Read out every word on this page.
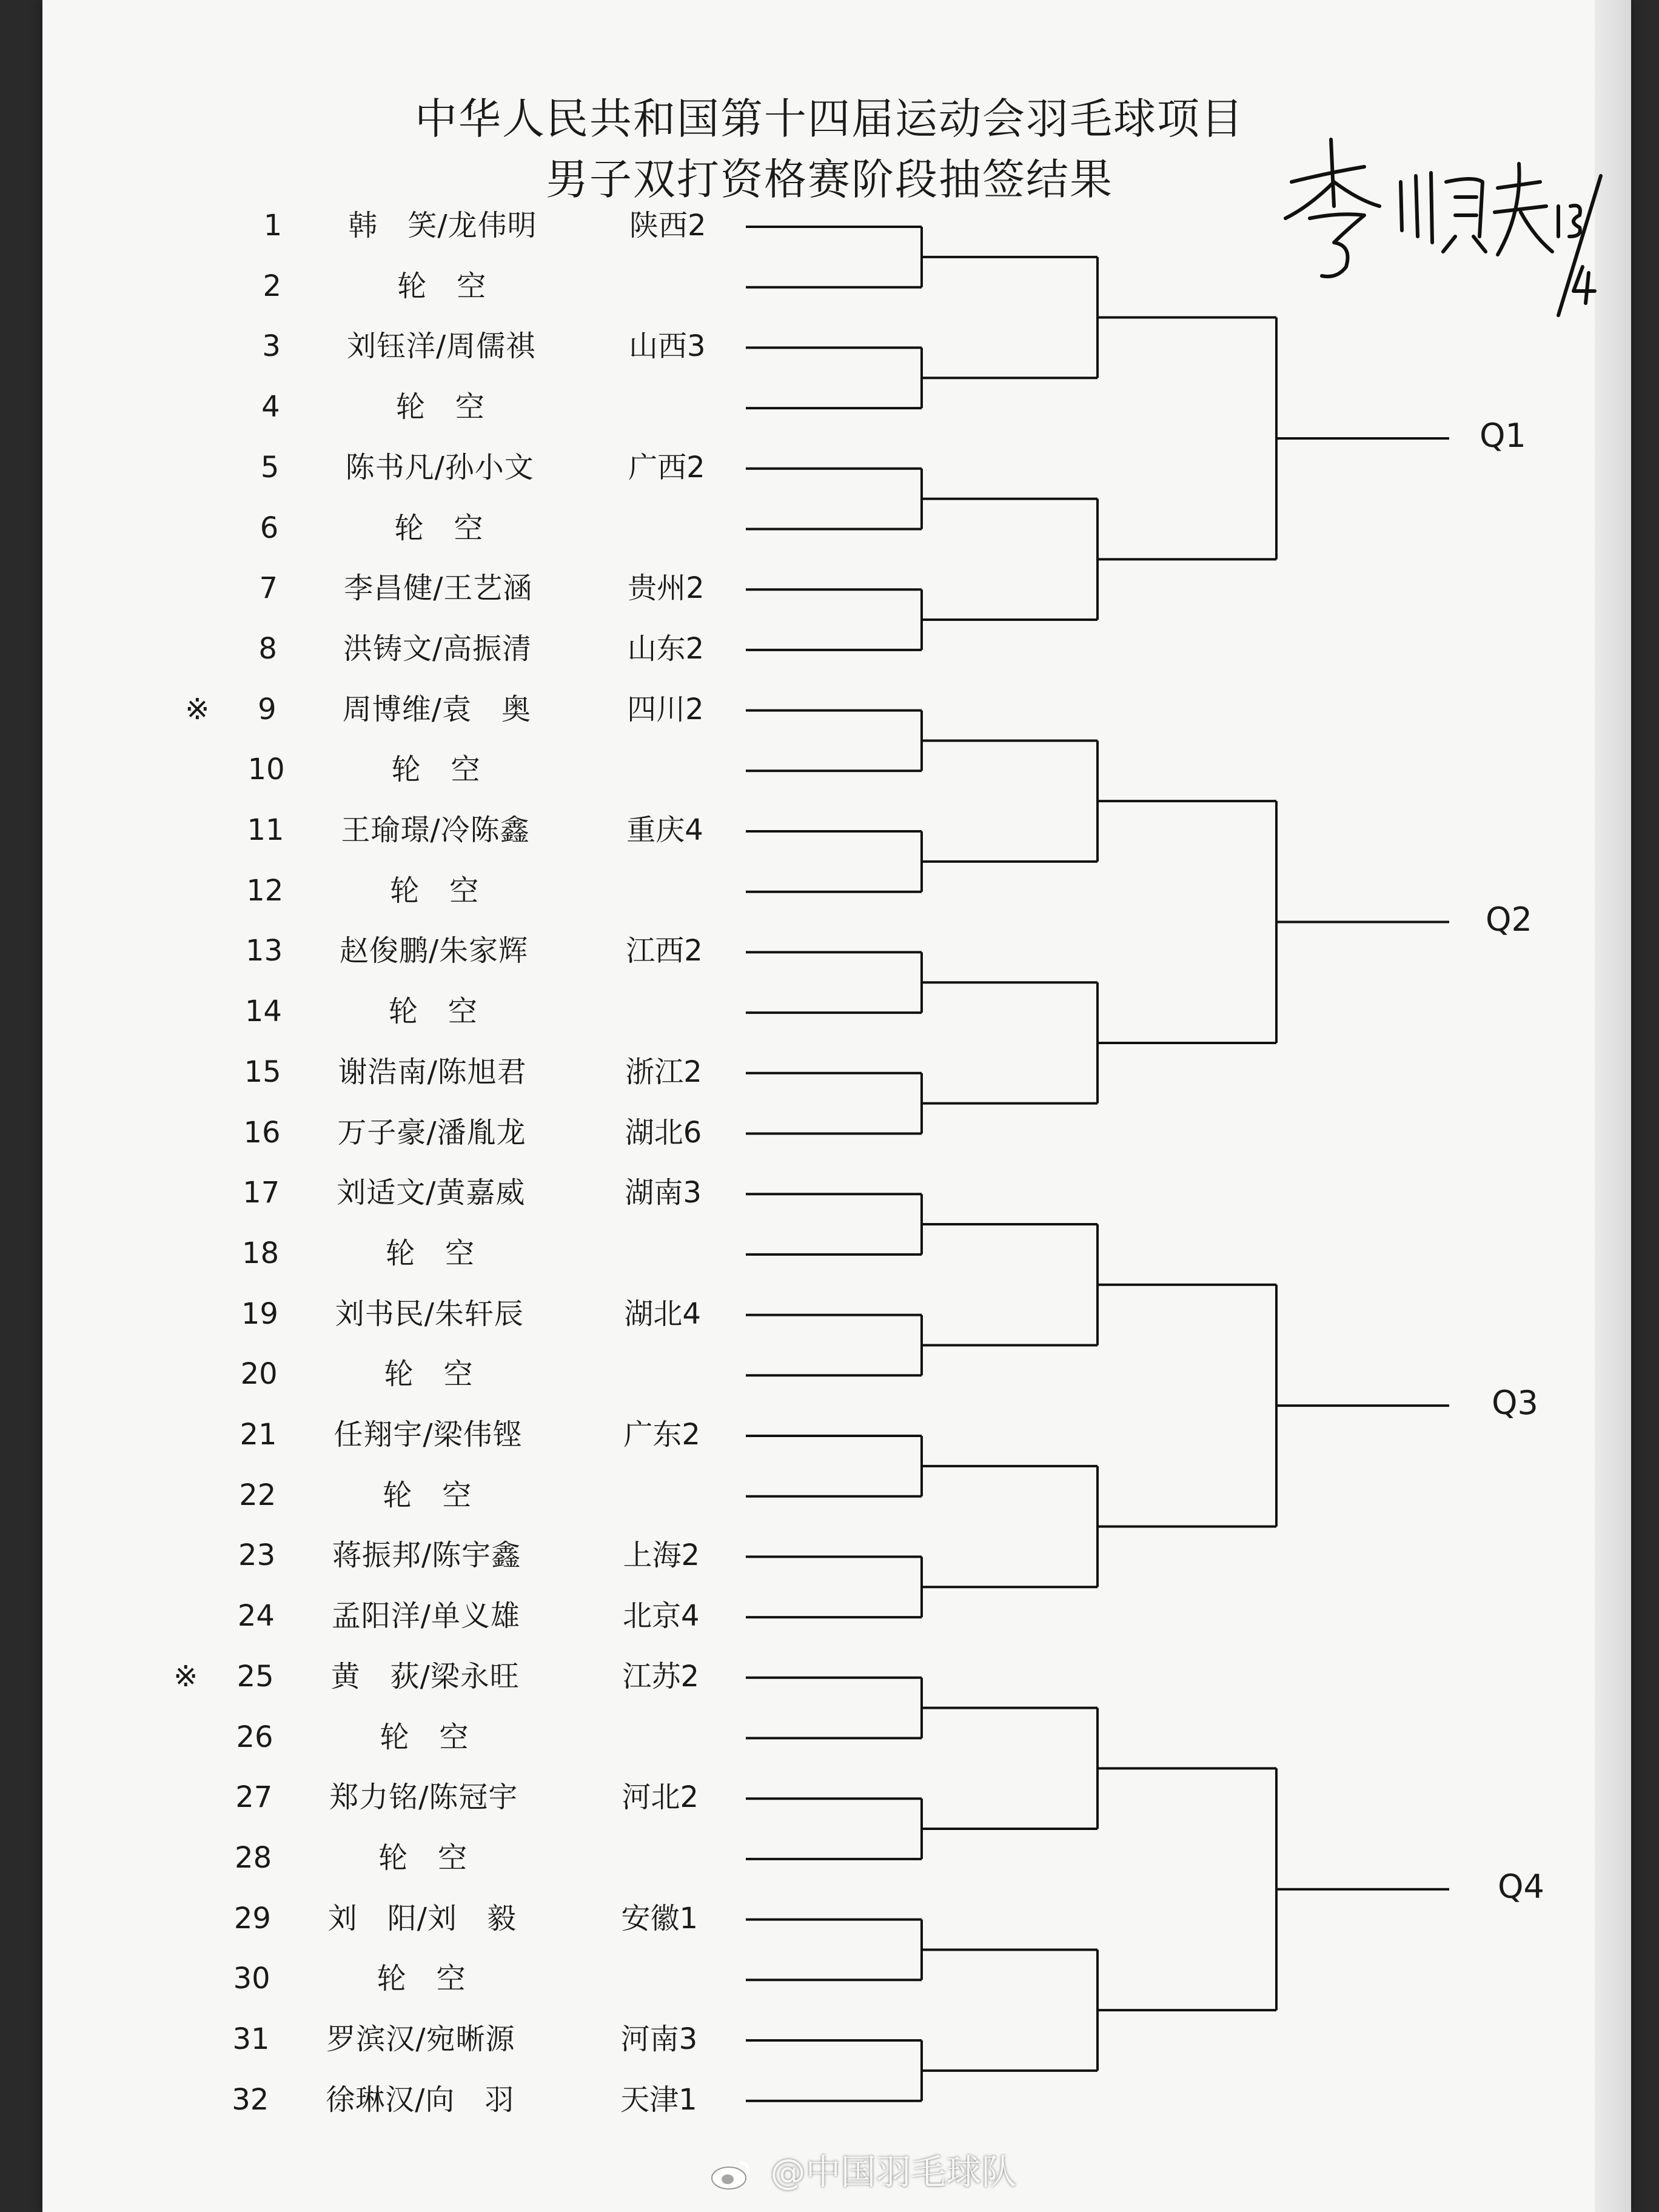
中华人民共和国第十四届运动会羽毛球项目
男子双打资格赛阶段抽签结果
1	韩　笑/龙伟明	陕西2
2	轮　空
3	刘钰洋/周儒祺	山西3
4	轮　空
5	陈书凡/孙小文	广西2
6	轮　空
7	李昌健/王艺涵	贵州2
8	洪铸文/高振清	山东2
※	9	周博维/袁　奥	四川2
10	轮　空
11	王瑜璟/冷陈鑫	重庆4
12	轮　空
13	赵俊鹏/朱家辉	江西2
14	轮　空
15	谢浩南/陈旭君	浙江2
16	万子豪/潘胤龙	湖北6
17	刘适文/黄嘉威	湖南3
18	轮　空
19	刘书民/朱轩辰	湖北4
20	轮　空
21	任翔宇/梁伟铿	广东2
22	轮　空
23	蒋振邦/陈宇鑫	上海2
24	孟阳洋/单义雄	北京4
※	25	黄　荻/梁永旺	江苏2
26	轮　空
27	郑力铭/陈冠宇	河北2
28	轮　空
29	刘　阳/刘　毅	安徽1
30	轮　空
31	罗滨汉/宛晰源	河南3
32	徐琳汉/向　羽	天津1
Q1
Q2
Q3
Q4
@中国羽毛球队
